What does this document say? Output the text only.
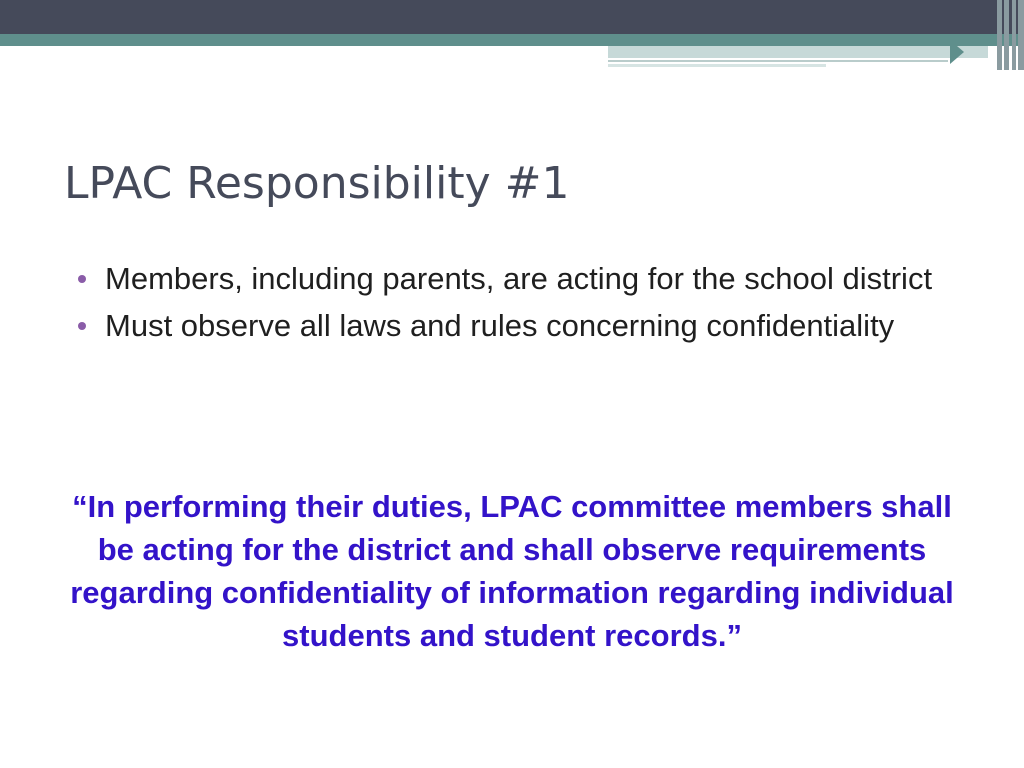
LPAC Responsibility #1
Members, including parents, are acting for the school district
Must observe all laws and rules concerning confidentiality

“In performing their duties, LPAC committee members shall be acting for the district and shall observe requirements regarding confidentiality of information regarding individual students and student records.”
